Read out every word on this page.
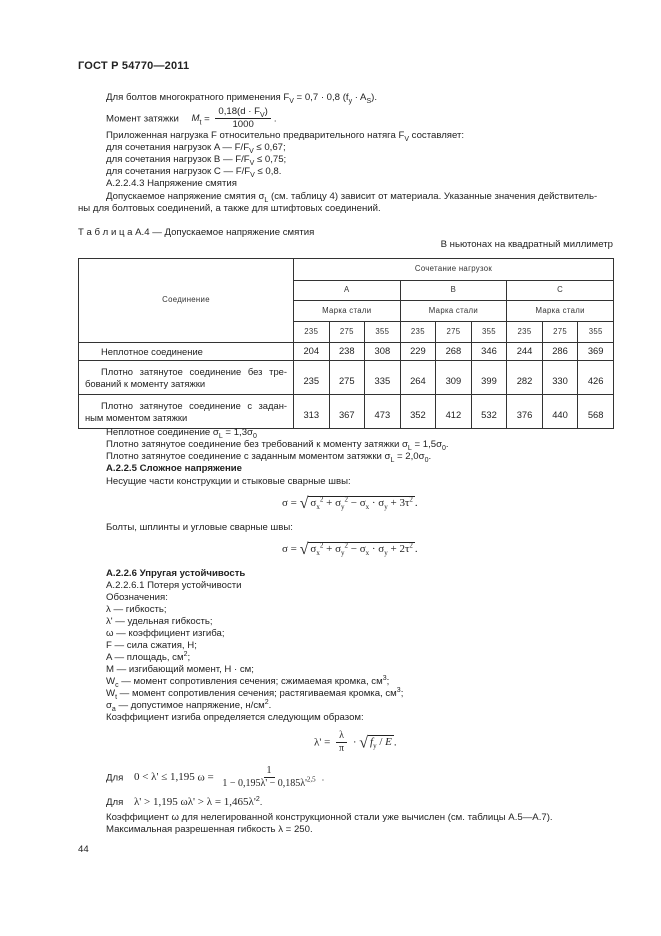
ГОСТ Р 54770—2011
Для болтов многократного применения $F_V = 0,7 \cdot 0,8$ $(f_y \cdot A_S)$.
Момент затяжки $M_t = \frac{0,18(d \cdot F_V)}{1000}$ .
Приложенная нагрузка F относительно предварительного натяга $F_V$ составляет:
для сочетания нагрузок A — $F/F_V \le 0,67$;
для сочетания нагрузок B — $F/F_V \le 0,75$;
для сочетания нагрузок C — $F/F_V \le 0,8$.
A.2.2.4.3 Напряжение смятия
Допускаемое напряжение смятия $\sigma_L$ (см. таблицу 4) зависит от материала. Указанные значения действитель-
ны для болтовых соединений, а также для штифтовых соединений.
Т а б л и ц а A.4 — Допускаемое напряжение смятия
В ньютонах на квадратный миллиметр
Соединение	Сочетание нагрузок								
	A			B			C		
	Марка стали			Марка стали			Марка стали		
	235	275	355	235	275	355	235	275	355
Неплотное соединение	204	238	308	229	268	346	244	286	369

Плотно затянутое соединение без тре-
бований к моменту затяжки	235	275	335	264	309	399	282	330	426

Плотно затянутое соединение с задан-
ным моментом затяжки	313	367	473	352	412	532	376	440	568
Неплотное соединение $\sigma_L = 1,3\sigma_0$
Плотно затянутое соединение без требований к моменту затяжки $\sigma_L = 1,5\sigma_0$.
Плотно затянутое соединение с заданным моментом затяжки $\sigma_L = 2,0\sigma_0$.
A.2.2.5 Сложное напряжение
Несущие части конструкции и стыковые сварные швы:
σ = √ $\sigma_x^2 + \sigma_y^2 - \sigma_x \cdot \sigma_y + 3\tau^2$ .
Болты, шплинты и угловые сварные швы:
σ = √ $\sigma_x^2 + \sigma_y^2 - \sigma_x \cdot \sigma_y + 2\tau^2$ .
A.2.2.6 Упругая устойчивость
A.2.2.6.1 Потеря устойчивости
Обозначения:
λ — гибкость;
λ' — удельная гибкость;
ω — коэффициент изгиба;
F — сила сжатия, Н;
A — площадь, $см^2$;
M — изгибающий момент, Н · см;
$W_c$ — момент сопротивления сечения; сжимаемая кромка, $см^3$;
$W_t$ — момент сопротивления сечения; растягиваемая кромка, $см^3$;
$\sigma_a$ — допустимое напряжение, $н/см^2$.
Коэффициент изгиба определяется следующим образом:
$\lambda' = \frac{\lambda}{\pi}$ · √ $f_y$ / E .
Для 0 < λ' ≤ 1,195 $\omega = \frac{1}{1 - 0,195\lambda' - 0,185\lambda'^{2,5}}$ .
Для λ' > 1,195 $\omega\lambda' > \lambda = 1,465\lambda'^2$.
Коэффициент ω для нелегированной конструкционной стали уже вычислен (см. таблицы A.5—A.7).
Максимальная разрешенная гибкость λ = 250.
44
